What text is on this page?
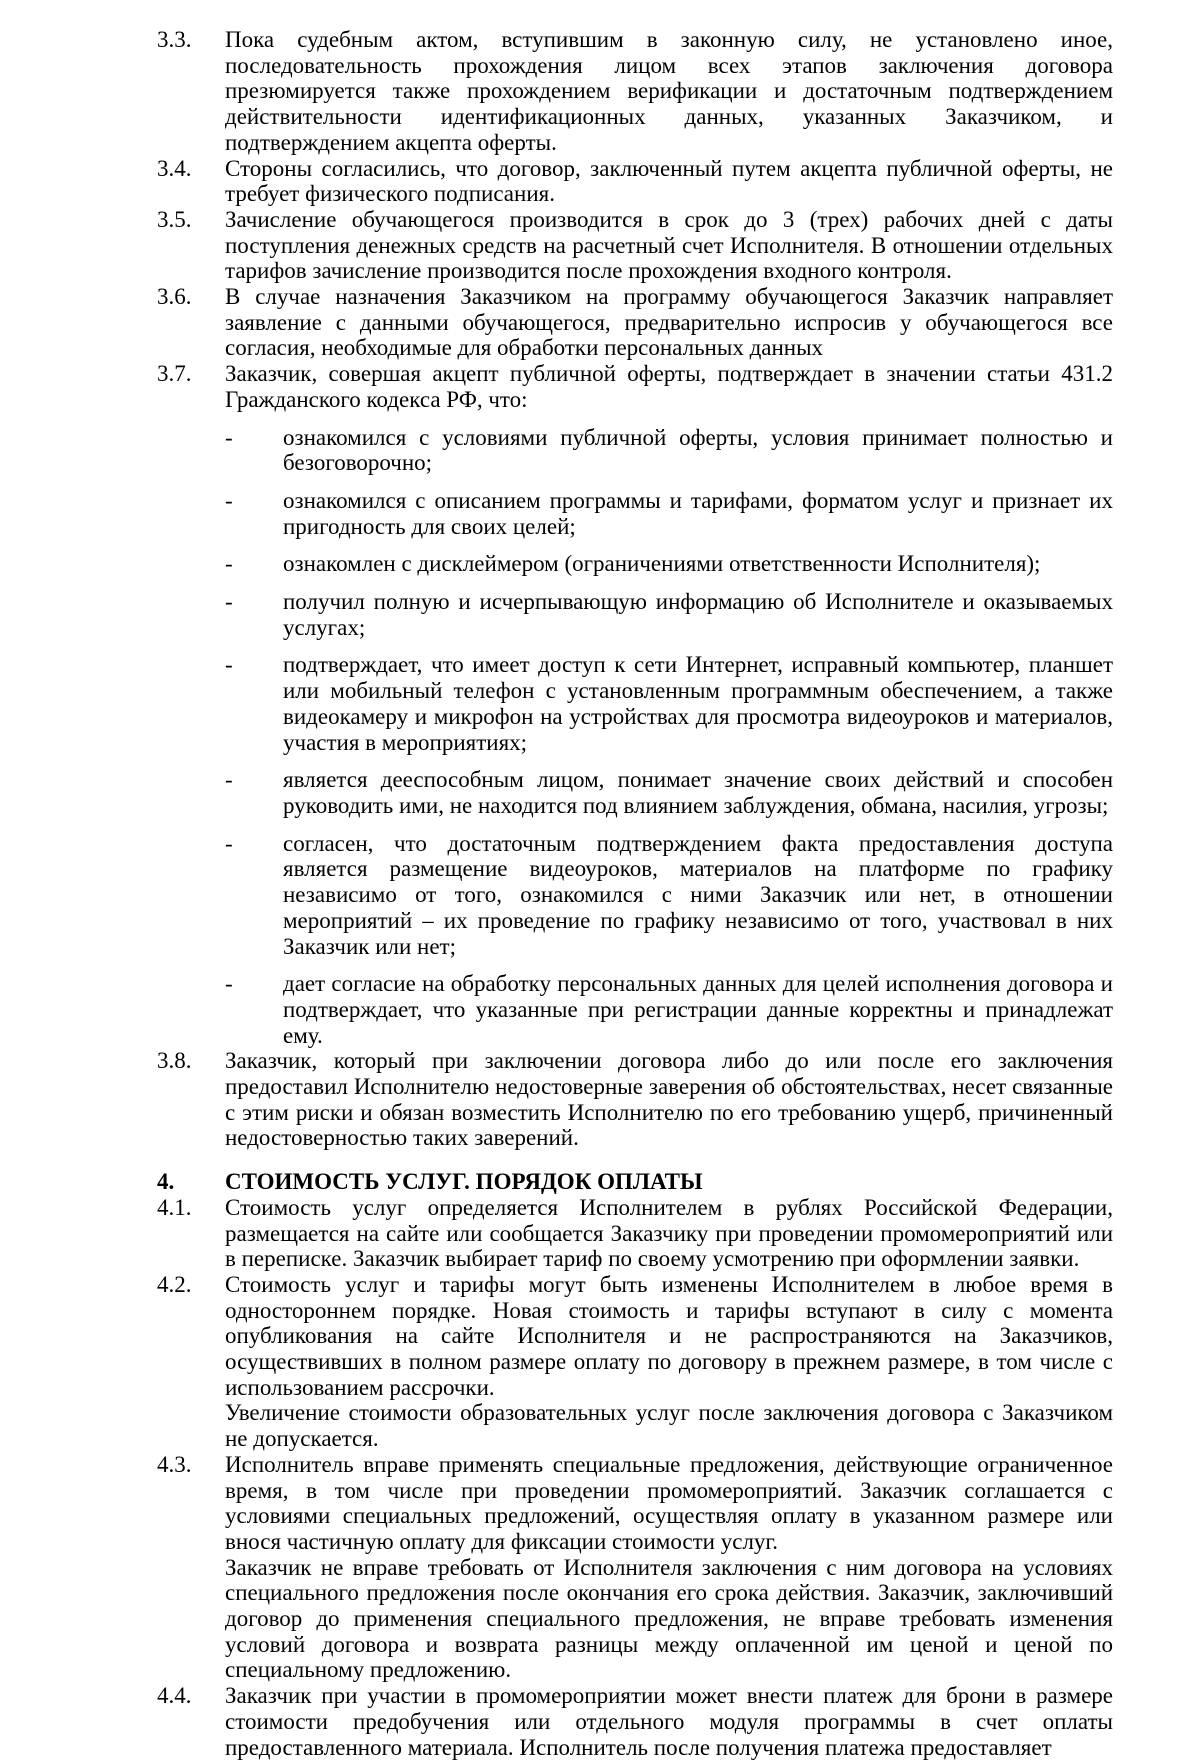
3.3.	Пока судебным актом, вступившим в законную силу, не установлено иное, последовательность прохождения лицом всех этапов заключения договора презюмируется также прохождением верификации и достаточным подтверждением действительности идентификационных данных, указанных Заказчиком, и подтверждением акцепта оферты.

3.4.	Стороны согласились, что договор, заключенный путем акцепта публичной оферты, не требует физического подписания.

3.5.	Зачисление обучающегося производится в срок до 3 (трех) рабочих дней с даты поступления денежных средств на расчетный счет Исполнителя. В отношении отдельных тарифов зачисление производится после прохождения входного контроля.

3.6.	В случае назначения Заказчиком на программу обучающегося Заказчик направляет заявление с данными обучающегося, предварительно испросив у обучающегося все согласия, необходимые для обработки персональных данных

3.7.	Заказчик, совершая акцепт публичной оферты, подтверждает в значении статьи 431.2 Гражданского кодекса РФ, что:

-	ознакомился с условиями публичной оферты, условия принимает полностью и безоговорочно;

-	ознакомился с описанием программы и тарифами, форматом услуг и признает их пригодность для своих целей;

-	ознакомлен с дисклеймером (ограничениями ответственности Исполнителя);

-	получил полную и исчерпывающую информацию об Исполнителе и оказываемых услугах;

-	подтверждает, что имеет доступ к сети Интернет, исправный компьютер, планшет или мобильный телефон с установленным программным обеспечением, а также видеокамеру и микрофон на устройствах для просмотра видеоуроков и материалов, участия в мероприятиях;

-	является дееспособным лицом, понимает значение своих действий и способен руководить ими, не находится под влиянием заблуждения, обмана, насилия, угрозы;

-	согласен, что достаточным подтверждением факта предоставления доступа является размещение видеоуроков, материалов на платформе по графику независимо от того, ознакомился с ними Заказчик или нет, в отношении мероприятий – их проведение по графику независимо от того, участвовал в них Заказчик или нет;

-	дает согласие на обработку персональных данных для целей исполнения договора и подтверждает, что указанные при регистрации данные корректны и принадлежат ему.

3.8.	Заказчик, который при заключении договора либо до или после его заключения предоставил Исполнителю недостоверные заверения об обстоятельствах, несет связанные с этим риски и обязан возместить Исполнителю по его требованию ущерб, причиненный недостоверностью таких заверений.

4.	СТОИМОСТЬ УСЛУГ. ПОРЯДОК ОПЛАТЫ

4.1.	Стоимость услуг определяется Исполнителем в рублях Российской Федерации, размещается на сайте или сообщается Заказчику при проведении промомероприятий или в переписке. Заказчик выбирает тариф по своему усмотрению при оформлении заявки.

4.2.	Стоимость услуг и тарифы могут быть изменены Исполнителем в любое время в одностороннем порядке. Новая стоимость и тарифы вступают в силу с момента опубликования на сайте Исполнителя и не распространяются на Заказчиков, осуществивших в полном размере оплату по договору в прежнем размере, в том числе с использованием рассрочки.

Увеличение стоимости образовательных услуг после заключения договора с Заказчиком не допускается.

4.3.	Исполнитель вправе применять специальные предложения, действующие ограниченное время, в том числе при проведении промомероприятий. Заказчик соглашается с условиями специальных предложений, осуществляя оплату в указанном размере или внося частичную оплату для фиксации стоимости услуг.

Заказчик не вправе требовать от Исполнителя заключения с ним договора на условиях специального предложения после окончания его срока действия. Заказчик, заключивший договор до применения специального предложения, не вправе требовать изменения условий договора и возврата разницы между оплаченной им ценой и ценой по специальному предложению.

4.4.	Заказчик при участии в промомероприятии может внести платеж для брони в размере стоимости предобучения или отдельного модуля программы в счет оплаты предоставленного материала. Исполнитель после получения платежа предоставляет
